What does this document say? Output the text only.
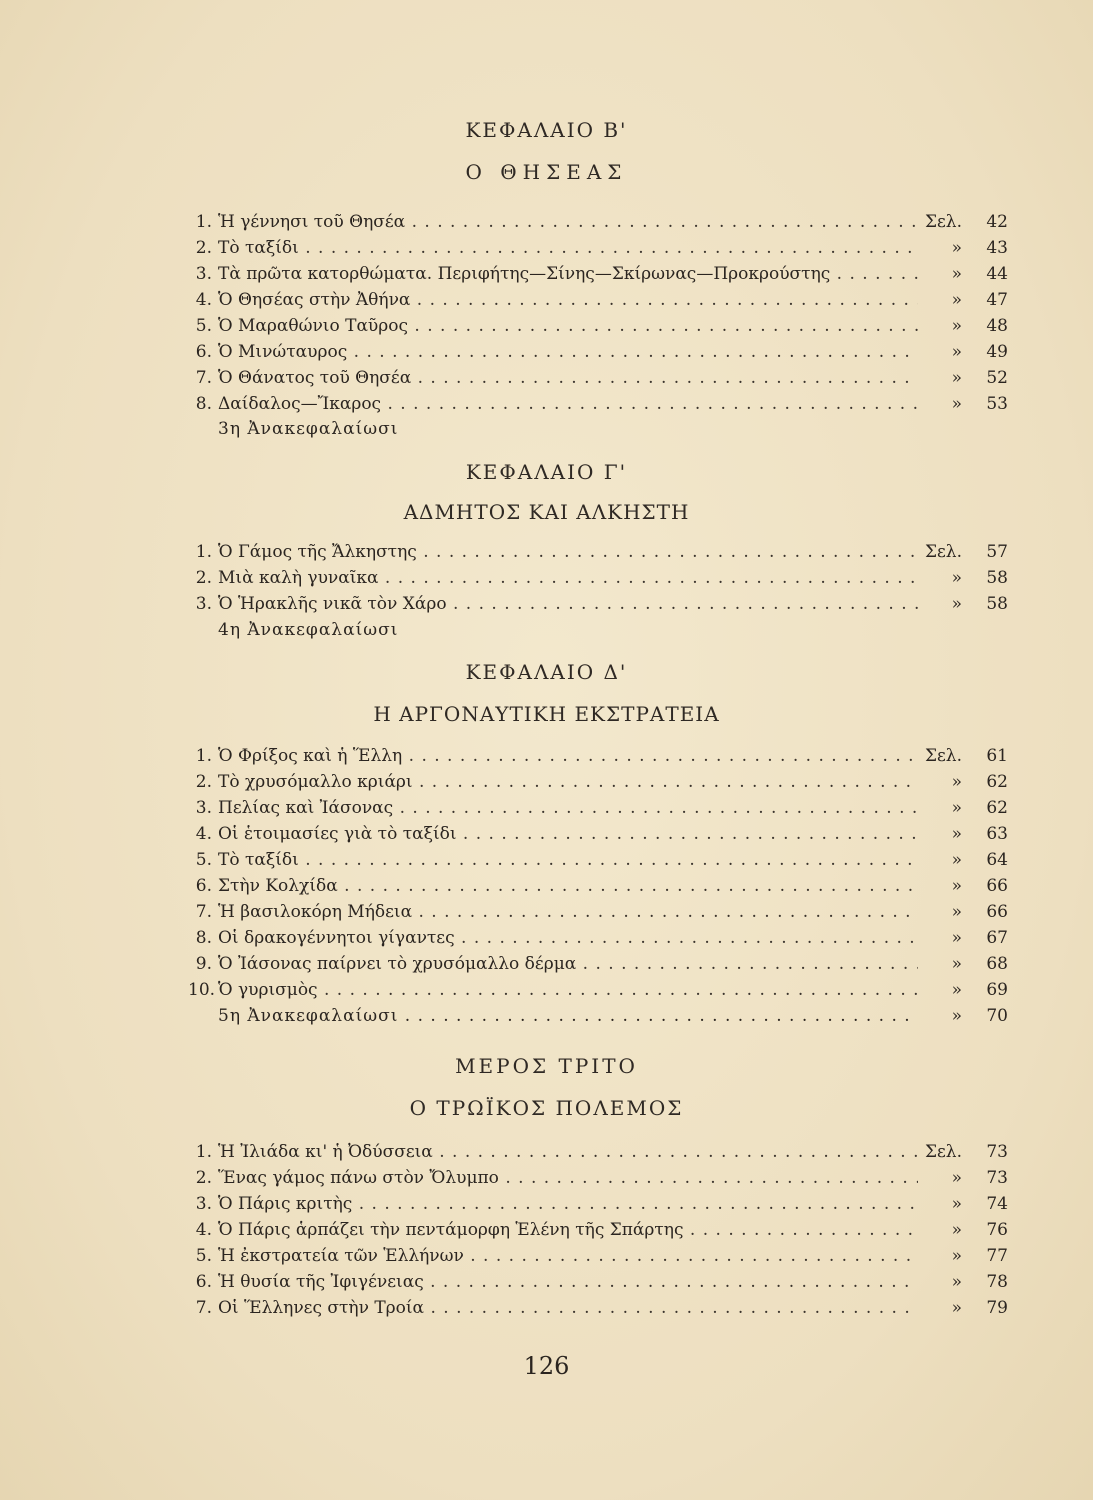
ΚΕΦΑΛΑΙΟ Β'
Ο ΘΗΣΕΑΣ
1. Ἡ γέννησι τοῦ Θησέα . . .	Σελ.	42
2. Τὸ ταξίδι . . .	»	43
3. Τὰ πρῶτα κατορθώματα. Περιφήτης—Σίνης—Σκίρωνας—Προκρούστης . . .	»	44
4. Ὁ Θησέας στὴν Ἀθήνα . . .	»	47
5. Ὁ Μαραθώνιο Ταῦρος . . .	»	48
6. Ὁ Μινώταυρος . . .	»	49
7. Ὁ Θάνατος τοῦ Θησέα . . .	»	52
8. Δαίδαλος—Ἴκαρος . . .	»	53
3η Ἀνακεφαλαίωσι
ΚΕΦΑΛΑΙΟ Γ'
ΑΔΜΗΤΟΣ ΚΑΙ ΑΛΚΗΣΤΗ
1. Ὁ Γάμος τῆς Ἄλκηστης . . .	Σελ.	57
2. Μιὰ καλὴ γυναῖκα . . .	»	58
3. Ὁ Ἡρακλῆς νικᾶ τὸν Χάρο . . .	»	58
4η Ἀνακεφαλαίωσι
ΚΕΦΑΛΑΙΟ Δ'
Η ΑΡΓΟΝΑΥΤΙΚΗ ΕΚΣΤΡΑΤΕΙΑ
1. Ὁ Φρίξος καὶ ἡ Ἕλλη . . .	Σελ.	61
2. Τὸ χρυσόμαλλο κριάρι . . .	»	62
3. Πελίας καὶ Ἰάσονας . . .	»	62
4. Οἱ ἑτοιμασίες γιὰ τὸ ταξίδι . . .	»	63
5. Τὸ ταξίδι . . .	»	64
6. Στὴν Κολχίδα . . .	»	66
7. Ἡ βασιλοκόρη Μήδεια . . .	»	66
8. Οἱ δρακογέννητοι γίγαντες . . .	»	67
9. Ὁ Ἰάσονας παίρνει τὸ χρυσόμαλλο δέρμα . . .	»	68
10. Ὁ γυρισμὸς . . .	»	69
5η Ἀνακεφαλαίωσι . . .	»	70
ΜΕΡΟΣ ΤΡΙΤΟ
Ο ΤΡΩΪΚΟΣ ΠΟΛΕΜΟΣ
1. Ἡ Ἰλιάδα κι' ἡ Ὀδύσσεια . . .	Σελ.	73
2. Ἕνας γάμος πάνω στὸν Ὄλυμπο . . .	»	73
3. Ὁ Πάρις κριτὴς . . .	»	74
4. Ὁ Πάρις ἁρπάζει τὴν πεντάμορφη Ἑλένη τῆς Σπάρτης . . .	»	76
5. Ἡ ἐκστρατεία τῶν Ἑλλήνων . . .	»	77
6. Ἡ θυσία τῆς Ἰφιγένειας . . .	»	78
7. Οἱ Ἕλληνες στὴν Τροία . . .	»	79
126
